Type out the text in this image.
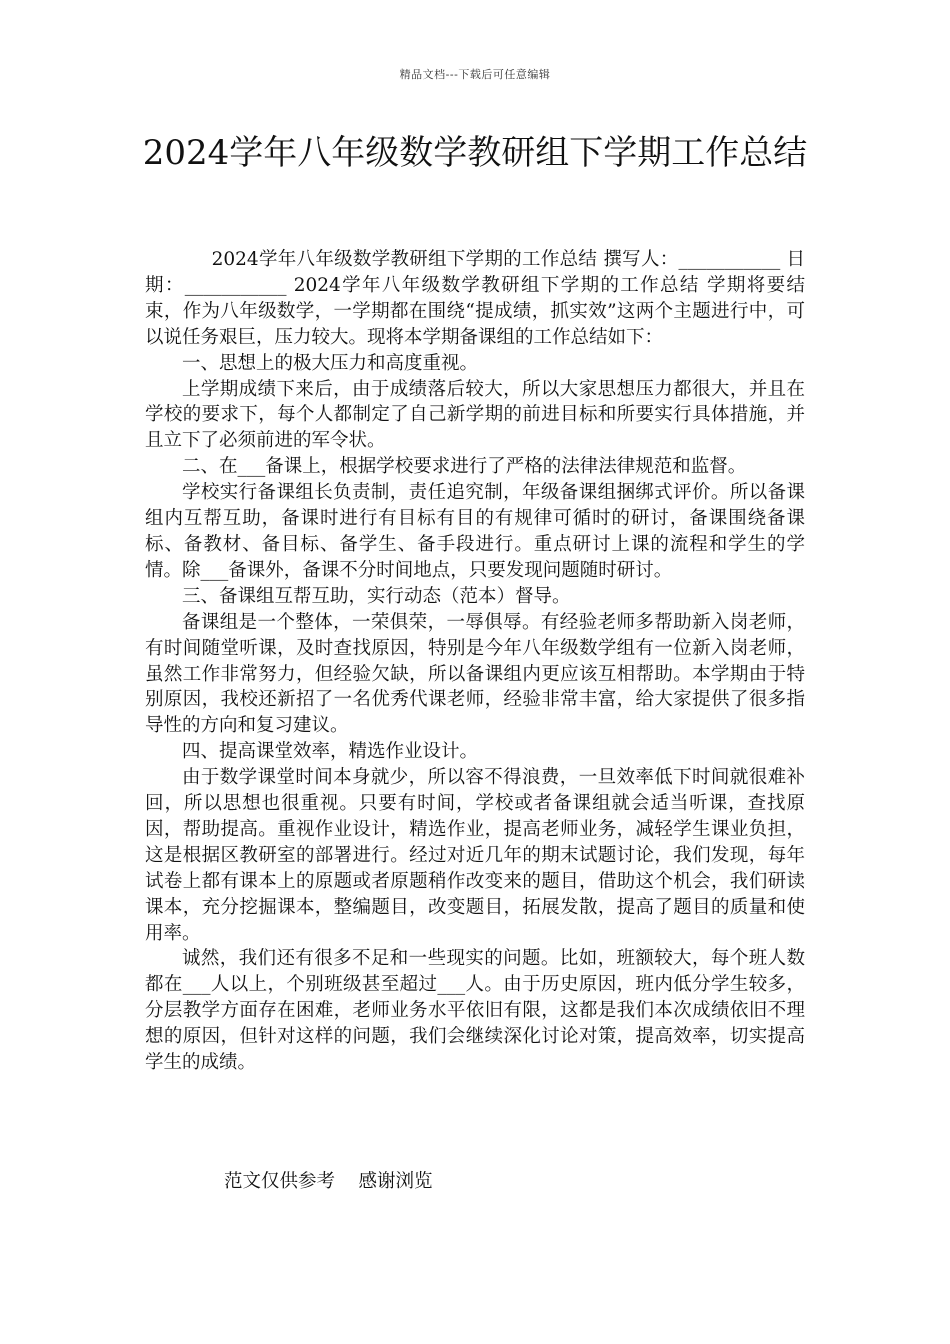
精品文档---下载后可任意编辑
2024学年八年级数学教研组下学期工作总结

2024学年八年级数学教研组下学期的工作总结 撰写人：___________ 日 期：___________ 2024学年八年级数学教研组下学期的工作总结 学期将要结束，作为八年级数学，一学期都在围绕“提成绩，抓实效”这两个主题进行中，可以说任务艰巨，压力较大。现将本学期备课组的工作总结如下：

一、思想上的极大压力和高度重视。

上学期成绩下来后，由于成绩落后较大，所以大家思想压力都很大，并且在学校的要求下，每个人都制定了自己新学期的前进目标和所要实行具体措施，并且立下了必须前进的军令状。

二、在___备课上，根据学校要求进行了严格的法律法律规范和监督。

学校实行备课组长负责制，责任追究制，年级备课组捆绑式评价。所以备课组内互帮互助，备课时进行有目标有目的有规律可循时的研讨，备课围绕备课标、备教材、备目标、备学生、备手段进行。重点研讨上课的流程和学生的学情。除___备课外，备课不分时间地点，只要发现问题随时研讨。

三、备课组互帮互助，实行动态（范本）督导。

备课组是一个整体，一荣俱荣，一辱俱辱。有经验老师多帮助新入岗老师，有时间随堂听课，及时查找原因，特别是今年八年级数学组有一位新入岗老师，虽然工作非常努力，但经验欠缺，所以备课组内更应该互相帮助。本学期由于特别原因，我校还新招了一名优秀代课老师，经验非常丰富，给大家提供了很多指导性的方向和复习建议。

四、提高课堂效率，精选作业设计。

由于数学课堂时间本身就少，所以容不得浪费，一旦效率低下时间就很难补回，所以思想也很重视。只要有时间，学校或者备课组就会适当听课，查找原因，帮助提高。重视作业设计，精选作业，提高老师业务，减轻学生课业负担，这是根据区教研室的部署进行。经过对近几年的期末试题讨论，我们发现，每年试卷上都有课本上的原题或者原题稍作改变来的题目，借助这个机会，我们研读课本，充分挖掘课本，整编题目，改变题目，拓展发散，提高了题目的质量和使用率。

诚然，我们还有很多不足和一些现实的问题。比如，班额较大，每个班人数都在___人以上，个别班级甚至超过___人。由于历史原因，班内低分学生较多，分层教学方面存在困难，老师业务水平依旧有限，这都是我们本次成绩依旧不理想的原因，但针对这样的问题，我们会继续深化讨论对策，提高效率，切实提高学生的成绩。

范文仅供参考    感谢浏览
